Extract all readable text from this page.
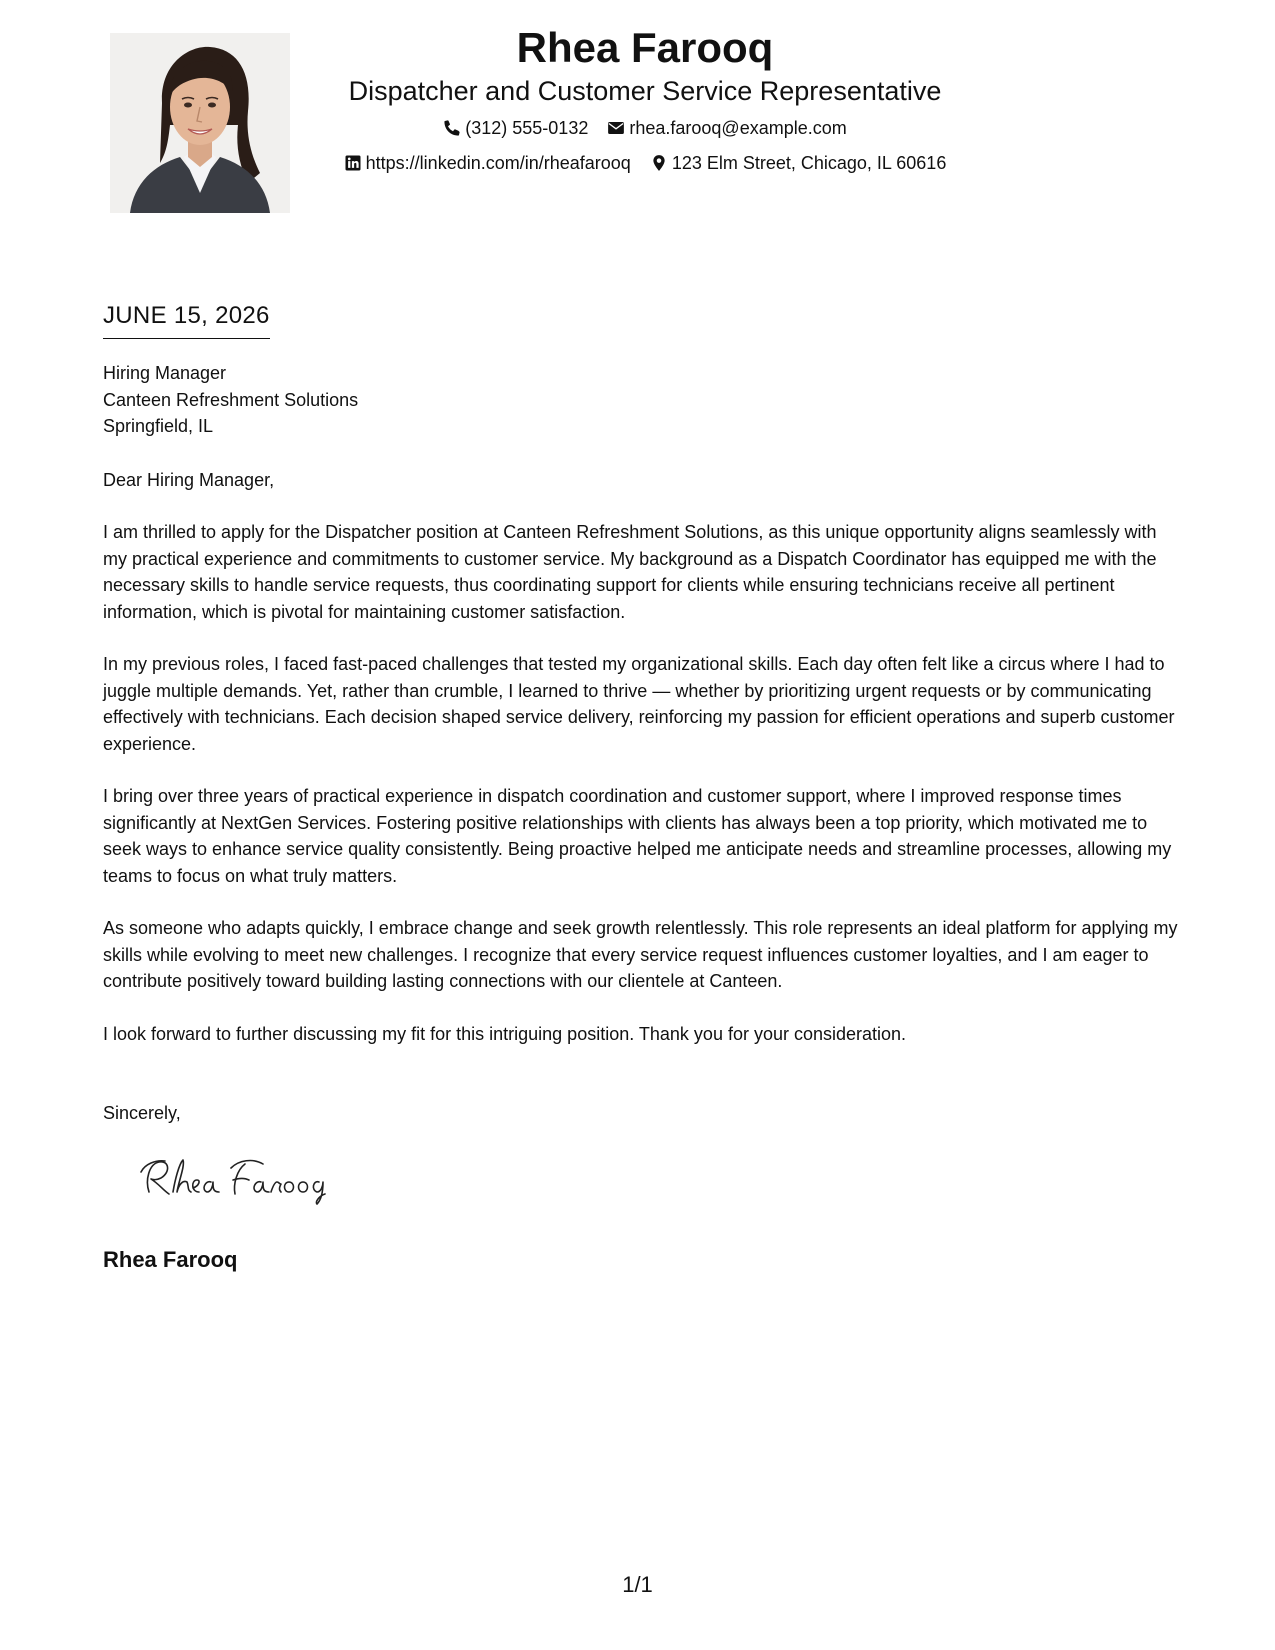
Rhea Farooq
Dispatcher and Customer Service Representative
(312) 555-0132
rhea.farooq@example.com
https://linkedin.com/in/rheafarooq
123 Elm Street, Chicago, IL 60616
JUNE 15, 2026
Hiring Manager
Canteen Refreshment Solutions
Springfield, IL
Dear Hiring Manager,

I am thrilled to apply for the Dispatcher position at Canteen Refreshment Solutions, as this unique opportunity aligns seamlessly with my practical experience and commitments to customer service. My background as a Dispatch Coordinator has equipped me with the necessary skills to handle service requests, thus coordinating support for clients while ensuring technicians receive all pertinent information, which is pivotal for maintaining customer satisfaction.

In my previous roles, I faced fast-paced challenges that tested my organizational skills. Each day often felt like a circus where I had to juggle multiple demands. Yet, rather than crumble, I learned to thrive — whether by prioritizing urgent requests or by communicating effectively with technicians. Each decision shaped service delivery, reinforcing my passion for efficient operations and superb customer experience.

I bring over three years of practical experience in dispatch coordination and customer support, where I improved response times significantly at NextGen Services. Fostering positive relationships with clients has always been a top priority, which motivated me to seek ways to enhance service quality consistently. Being proactive helped me anticipate needs and streamline processes, allowing my teams to focus on what truly matters.

As someone who adapts quickly, I embrace change and seek growth relentlessly. This role represents an ideal platform for applying my skills while evolving to meet new challenges. I recognize that every service request influences customer loyalties, and I am eager to contribute positively toward building lasting connections with our clientele at Canteen.

I look forward to further discussing my fit for this intriguing position. Thank you for your consideration.

Sincerely,
Rhea Farooq
1/1
